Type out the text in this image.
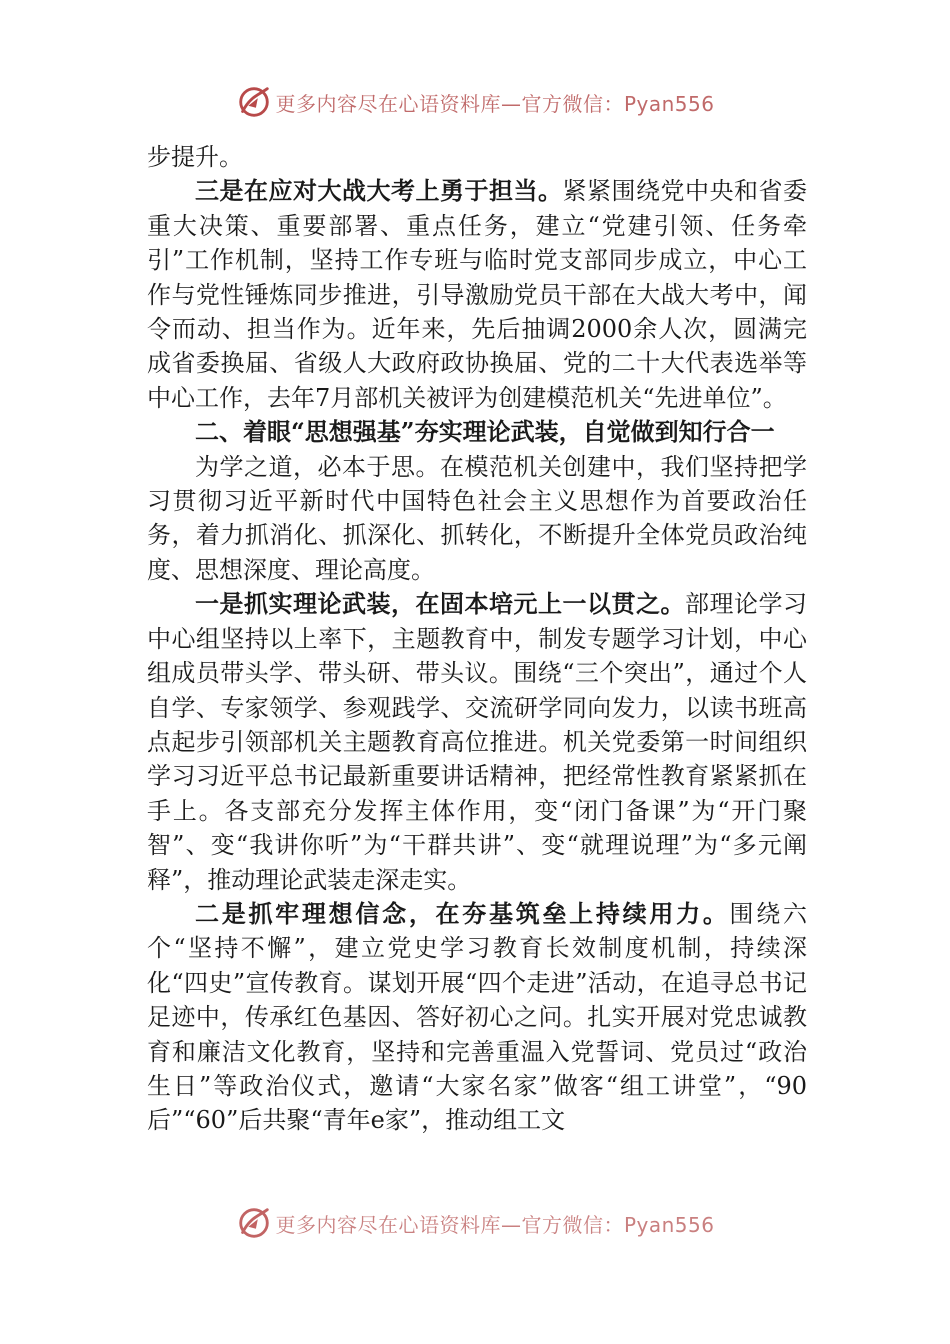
更多内容尽在心语资料库—官方微信：Pyan556

步提升。

三是在应对大战大考上勇于担当。紧紧围绕党中央和省委重大决策、重要部署、重点任务，建立“党建引领、任务牵引”工作机制，坚持工作专班与临时党支部同步成立，中心工作与党性锤炼同步推进，引导激励党员干部在大战大考中，闻令而动、担当作为。近年来，先后抽调2000余人次，圆满完成省委换届、省级人大政府政协换届、党的二十大代表选举等中心工作，去年7月部机关被评为创建模范机关“先进单位”。

二、着眼“思想强基”夯实理论武装，自觉做到知行合一

为学之道，必本于思。在模范机关创建中，我们坚持把学习贯彻习近平新时代中国特色社会主义思想作为首要政治任务，着力抓消化、抓深化、抓转化，不断提升全体党员政治纯度、思想深度、理论高度。

一是抓实理论武装，在固本培元上一以贯之。部理论学习中心组坚持以上率下，主题教育中，制发专题学习计划，中心组成员带头学、带头研、带头议。围绕“三个突出”，通过个人自学、专家领学、参观践学、交流研学同向发力，以读书班高点起步引领部机关主题教育高位推进。机关党委第一时间组织学习习近平总书记最新重要讲话精神，把经常性教育紧紧抓在手上。各支部充分发挥主体作用，变“闭门备课”为“开门聚智”、变“我讲你听”为“干群共讲”、变“就理说理”为“多元阐释”，推动理论武装走深走实。

二是抓牢理想信念，在夯基筑垒上持续用力。围绕六个“坚持不懈”，建立党史学习教育长效制度机制，持续深化“四史”宣传教育。谋划开展“四个走进”活动，在追寻总书记足迹中，传承红色基因、答好初心之问。扎实开展对党忠诚教育和廉洁文化教育，坚持和完善重温入党誓词、党员过“政治生日”等政治仪式，邀请“大家名家”做客“组工讲堂”，“90后”“60”后共聚“青年e家”，推动组工文

更多内容尽在心语资料库—官方微信：Pyan556
